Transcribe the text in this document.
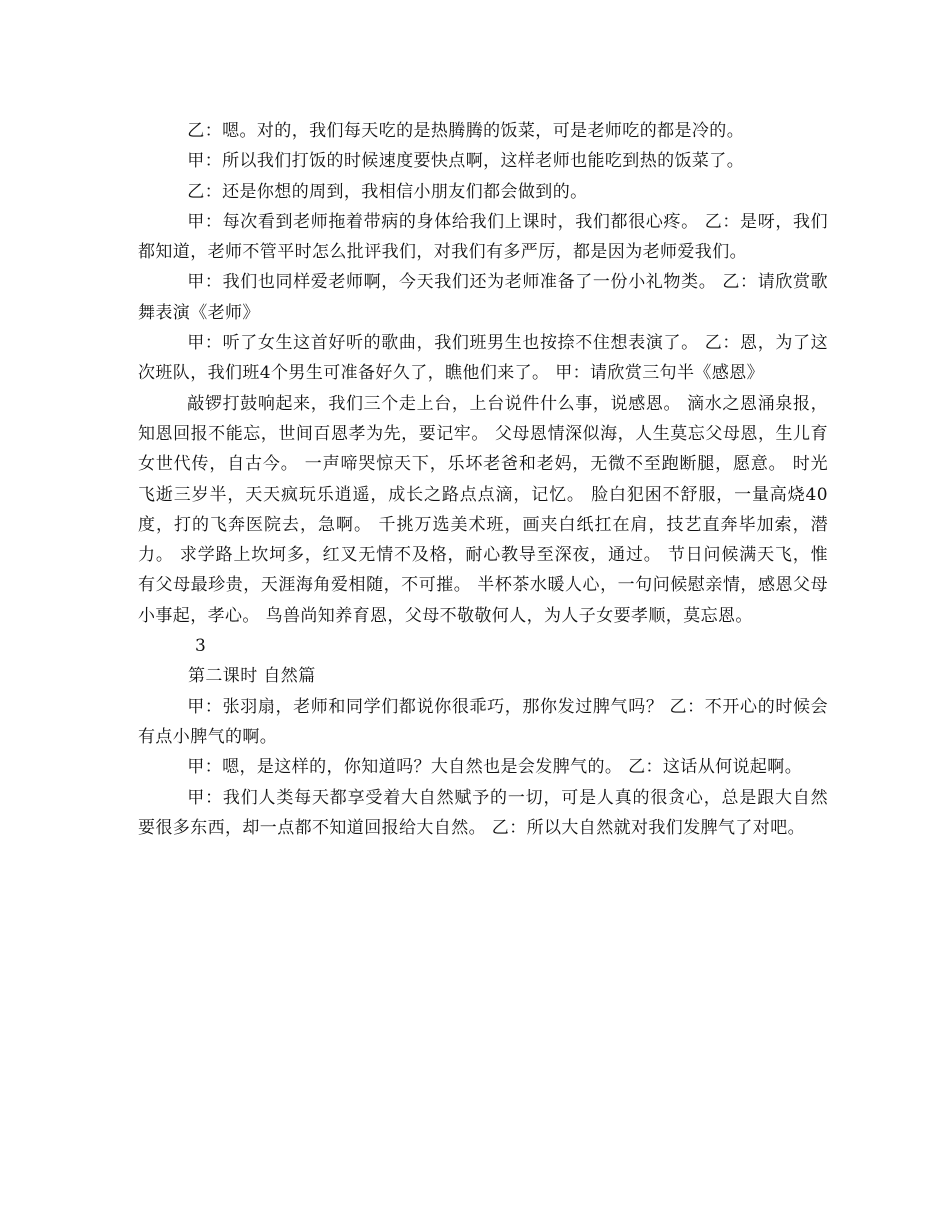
乙：嗯。对的，我们每天吃的是热腾腾的饭菜，可是老师吃的都是冷的。

甲：所以我们打饭的时候速度要快点啊，这样老师也能吃到热的饭菜了。

乙：还是你想的周到，我相信小朋友们都会做到的。

甲：每次看到老师拖着带病的身体给我们上课时，我们都很心疼。 乙：是呀，我们都知道，老师不管平时怎么批评我们，对我们有多严厉，都是因为老师爱我们。

甲：我们也同样爱老师啊，今天我们还为老师准备了一份小礼物类。 乙：请欣赏歌舞表演《老师》

甲：听了女生这首好听的歌曲，我们班男生也按捺不住想表演了。 乙：恩，为了这次班队，我们班4个男生可准备好久了，瞧他们来了。 甲：请欣赏三句半《感恩》

敲锣打鼓响起来，我们三个走上台，上台说件什么事，说感恩。 滴水之恩涌泉报，知恩回报不能忘，世间百恩孝为先，要记牢。 父母恩情深似海，人生莫忘父母恩，生儿育女世代传，自古今。 一声啼哭惊天下，乐坏老爸和老妈，无微不至跑断腿，愿意。 时光飞逝三岁半，天天疯玩乐逍遥，成长之路点点滴，记忆。 脸白犯困不舒服，一量高烧40度，打的飞奔医院去，急啊。 千挑万选美术班，画夹白纸扛在肩，技艺直奔毕加索，潜力。 求学路上坎坷多，红叉无情不及格，耐心教导至深夜，通过。 节日问候满天飞，惟有父母最珍贵，天涯海角爱相随，不可摧。 半杯茶水暖人心，一句问候慰亲情，感恩父母小事起，孝心。 鸟兽尚知养育恩，父母不敬敬何人，为人子女要孝顺，莫忘恩。

3

第二课时 自然篇

甲：张羽扇，老师和同学们都说你很乖巧，那你发过脾气吗？ 乙：不开心的时候会有点小脾气的啊。

甲：嗯，是这样的，你知道吗？大自然也是会发脾气的。 乙：这话从何说起啊。

甲：我们人类每天都享受着大自然赋予的一切，可是人真的很贪心，总是跟大自然要很多东西，却一点都不知道回报给大自然。 乙：所以大自然就对我们发脾气了对吧。
